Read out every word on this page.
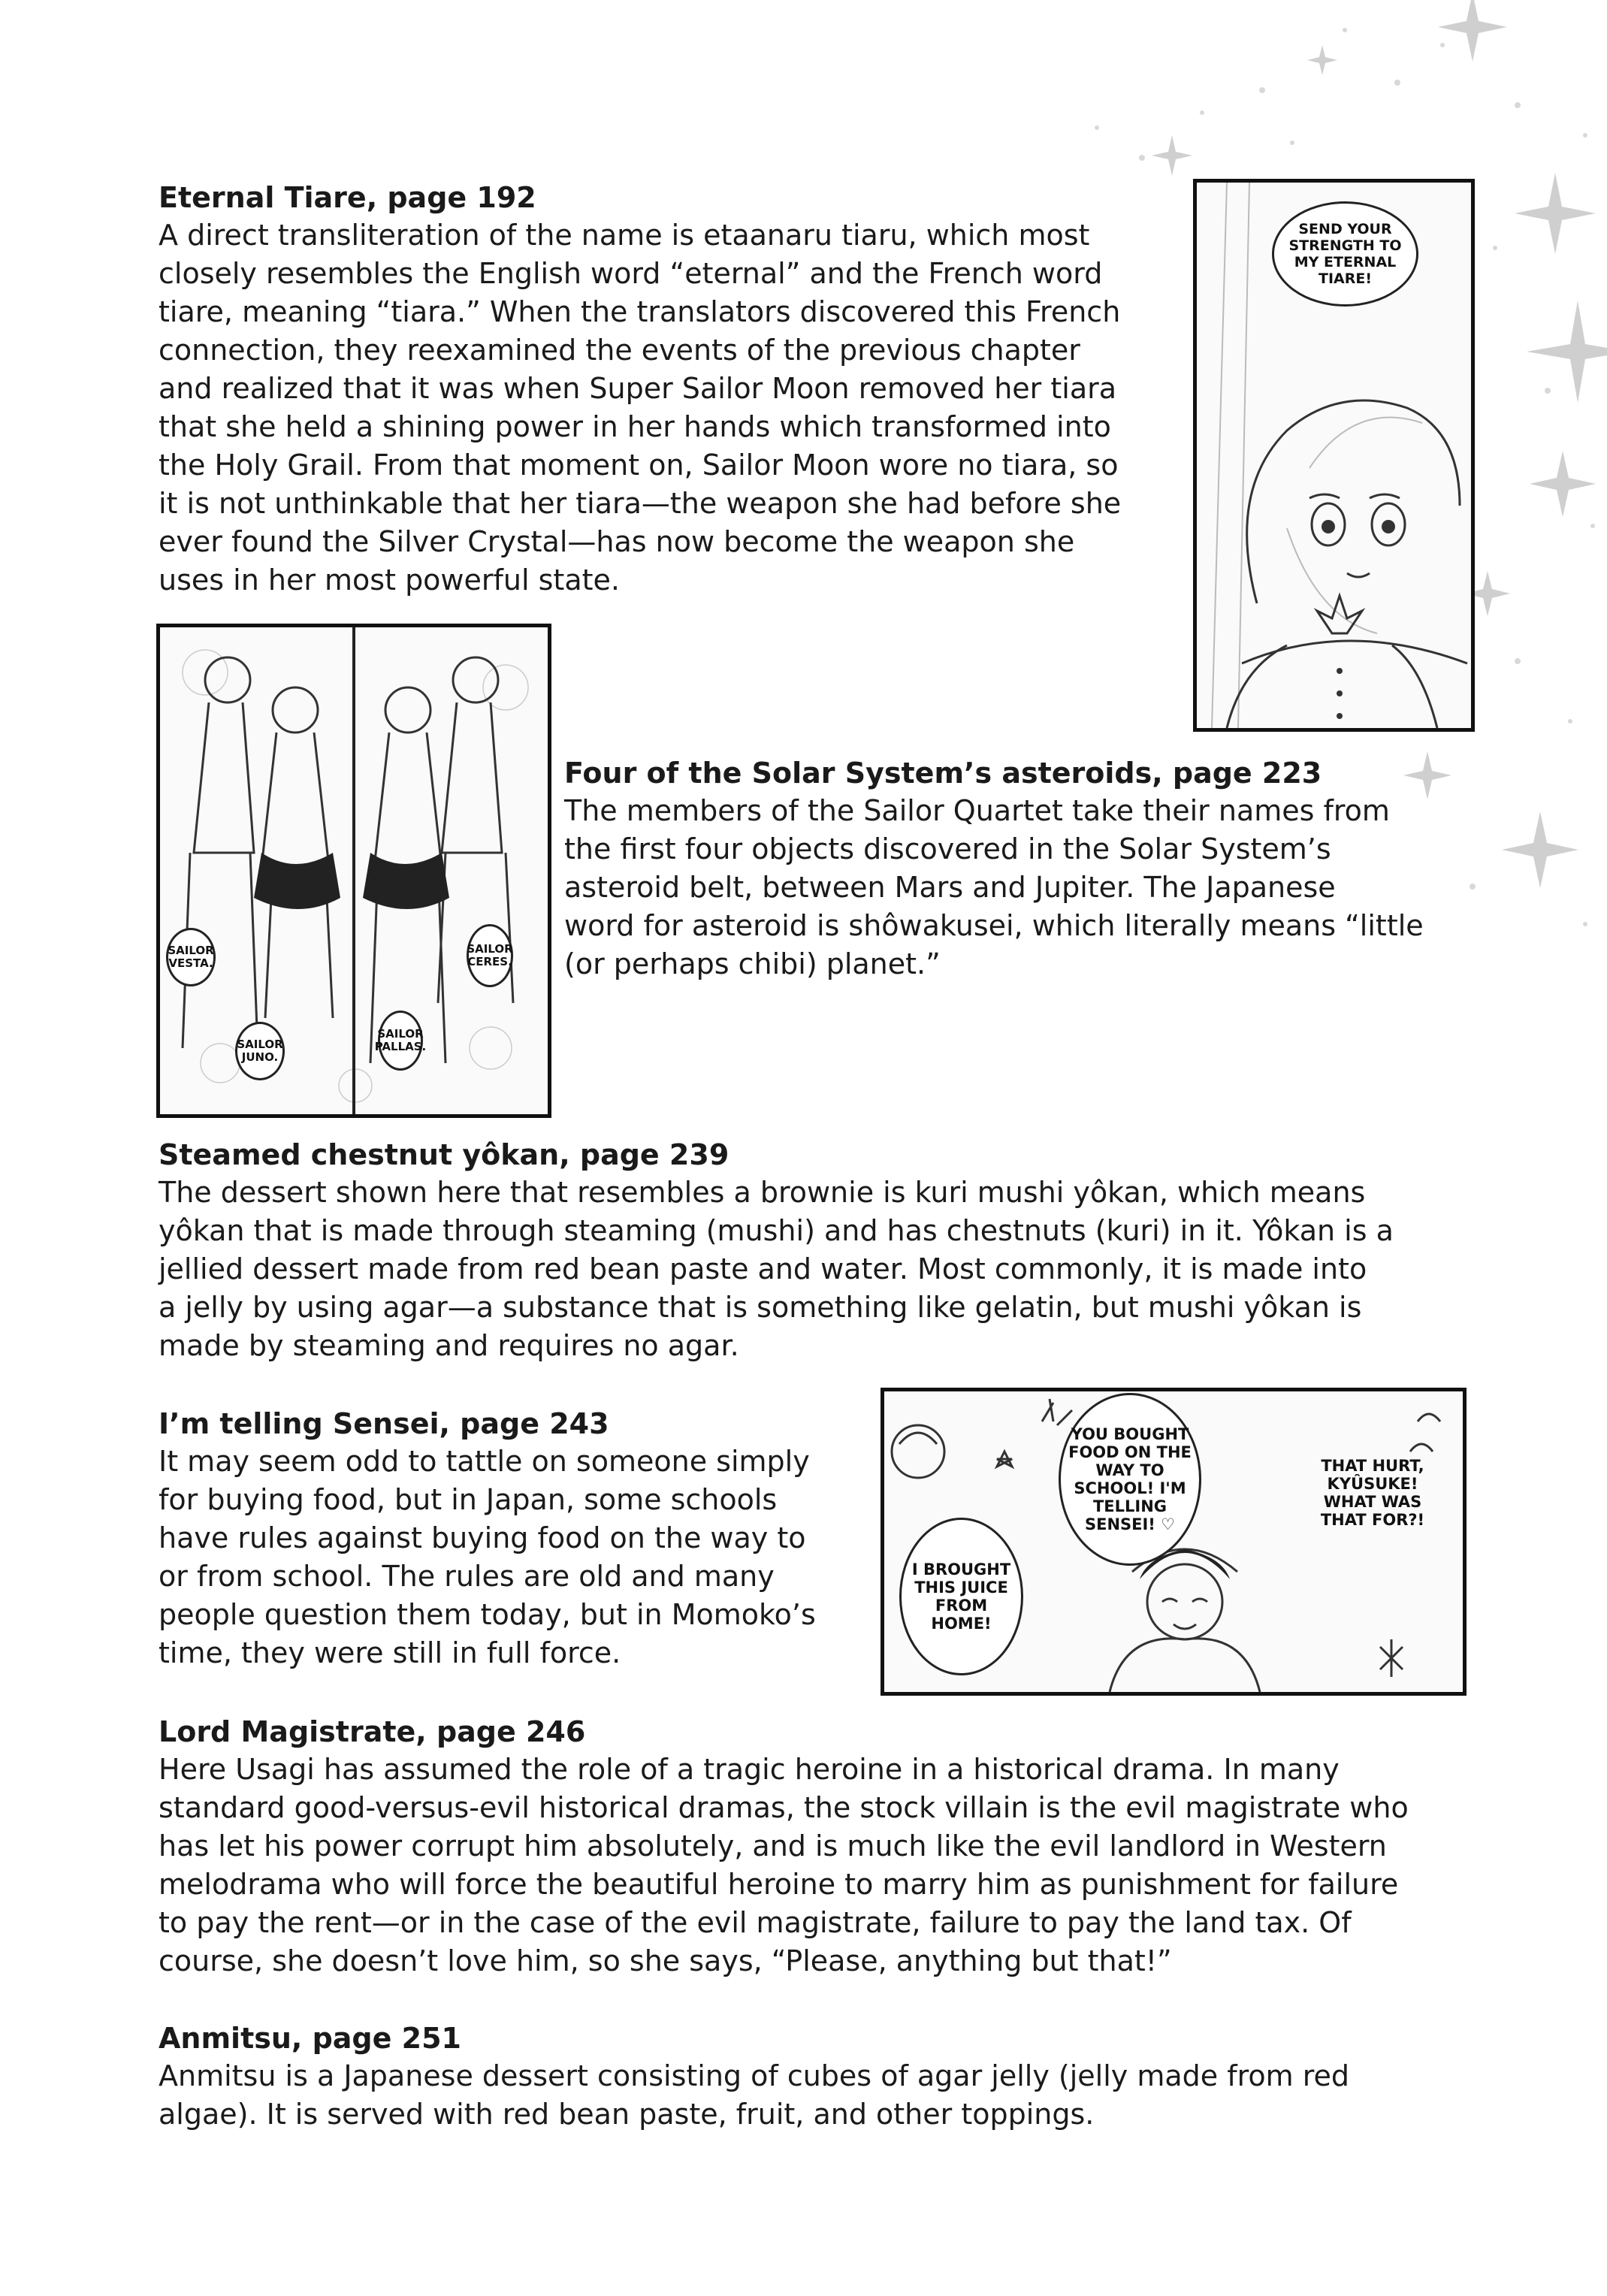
Eternal Tiare, page 192

A direct transliteration of the name is etaanaru tiaru, which most

closely resembles the English word “eternal” and the French word

tiare, meaning “tiara.” When the translators discovered this French

connection, they reexamined the events of the previous chapter

and realized that it was when Super Sailor Moon removed her tiara

that she held a shining power in her hands which transformed into

the Holy Grail. From that moment on, Sailor Moon wore no tiara, so

it is not unthinkable that her tiara—the weapon she had before she

ever found the Silver Crystal—has now become the weapon she

uses in her most powerful state.

SEND YOUR STRENGTH TO MY ETERNAL TIARE!
SAILOR VESTA.
SAILOR CERES.
SAILOR JUNO.
SAILOR PALLAS.
Four of the Solar System’s asteroids, page 223

The members of the Sailor Quartet take their names from

the first four objects discovered in the Solar System’s

asteroid belt, between Mars and Jupiter. The Japanese

word for asteroid is shôwakusei, which literally means “little

(or perhaps chibi) planet.”

Steamed chestnut yôkan, page 239

The dessert shown here that resembles a brownie is kuri mushi yôkan, which means

yôkan that is made through steaming (mushi) and has chestnuts (kuri) in it. Yôkan is a

jellied dessert made from red bean paste and water. Most commonly, it is made into

a jelly by using agar—a substance that is something like gelatin, but mushi yôkan is

made by steaming and requires no agar.

I’m telling Sensei, page 243

It may seem odd to tattle on someone simply

for buying food, but in Japan, some schools

have rules against buying food on the way to

or from school. The rules are old and many

people question them today, but in Momoko’s

time, they were still in full force.

YOU BOUGHT FOOD ON THE WAY TO SCHOOL! I'M TELLING SENSEI! ♡
THAT HURT, KYÛSUKE! WHAT WAS THAT FOR?!
I BROUGHT THIS JUICE FROM HOME!
Lord Magistrate, page 246

Here Usagi has assumed the role of a tragic heroine in a historical drama. In many

standard good-versus-evil historical dramas, the stock villain is the evil magistrate who

has let his power corrupt him absolutely, and is much like the evil landlord in Western

melodrama who will force the beautiful heroine to marry him as punishment for failure

to pay the rent—or in the case of the evil magistrate, failure to pay the land tax. Of

course, she doesn’t love him, so she says, “Please, anything but that!”

Anmitsu, page 251

Anmitsu is a Japanese dessert consisting of cubes of agar jelly (jelly made from red

algae). It is served with red bean paste, fruit, and other toppings.
